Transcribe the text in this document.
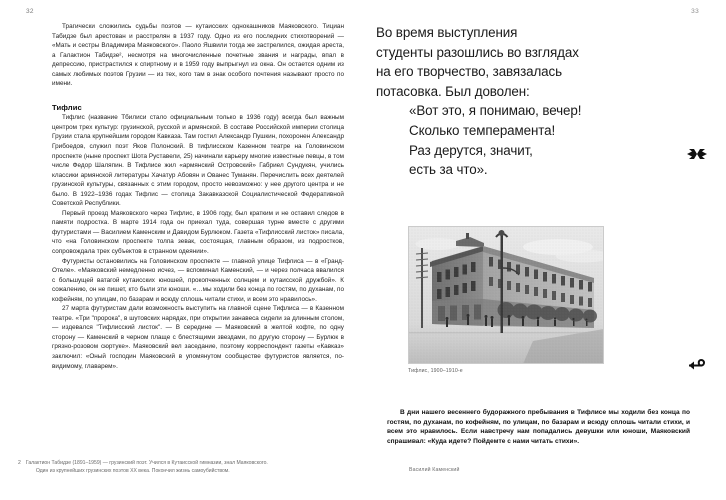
32

Трагически сложились судьбы поэтов — кутаисских однокашников Маяковского. Тициан Табидзе был арестован и расстрелян в 1937 году. Одно из его последних стихотворений — «Мать и сестры Владимира Маяковского». Паоло Яшвили тогда же застрелился, ожидая ареста, а Галактион Табидзе², несмотря на многочисленные почетные звания и награды, впал в депрессию, пристрастился к спиртному и в 1959 году выпрыгнул из окна. Он остается одним из самых любимых поэтов Грузии — из тех, кого там в знак особого почтения называют просто по имени.

Тифлис

Тифлис (название Тбилиси стало официальным только в 1936 году) всегда был важным центром трех культур: грузинской, русской и армянской. В составе Российской империи столица Грузии стала крупнейшим городом Кавказа. Там гостил Александр Пушкин, похоронен Александр Грибоедов, служил поэт Яков Полонский. В тифлисском Казенном театре на Головинском проспекте (ныне проспект Шота Руставели, 25) начинали карьеру многие известные певцы, в том числе Федор Шаляпин. В Тифлисе жил «армянский Островский» Габриел Сундукян, учились классики армянской литературы Хачатур Абовян и Ованес Туманян. Перечислить всех деятелей грузинской культуры, связанных с этим городом, просто невозможно: у нее другого центра и не было. В 1922–1936 годах Тифлис — столица Закавказской Социалистической Федеративной Советской Республики.

Первый проезд Маяковского через Тифлис, в 1906 году, был кратким и не оставил следов в памяти подростка. В марте 1914 года он приехал туда, совершая турне вместе с другими футуристами — Василием Каменским и Давидом Бурлюком. Газета «Тифлисский листок» писала, что «на Головинском проспекте толпа зевак, состоящая, главным образом, из подростков, сопровождала трех субъектов в странном одеянии».

Футуристы остановились на Головинском проспекте — главной улице Тифлиса — в «Гранд-Отеле». «Маяковский немедленно исчез, — вспоминал Каменский, — и через полчаса ввалился с большущей ватагой кутаисских юношей, прокопченных солнцем и кутаисской дружбой». К сожалению, он не пишет, кто были эти юноши. «…мы ходили без конца по гостям, по духанам, по кофейням, по улицам, по базарам и всюду сплошь читали стихи, и всем это нравилось».

27 марта футуристам дали возможность выступить на главной сцене Тифлиса — в Казенном театре. «Три "пророка", в шутовских нарядах, при открытии занавеса сидели за длинным столом, — издевался "Тифлисский листок". — В середине — Маяковский в желтой кофте, по одну сторону — Каменский в черном плаще с блестящими звездами, по другую сторону — Бурлюк в грязно-розовом сюртуке». Маяковский вел заседание, поэтому корреспондент газеты «Кавказ» заключил: «Оный господин Маяковский в упомянутом сообществе футуристов является, по-видимому, главарем».

2 Галактион Табидзе (1891–1959) — грузинский поэт. Учился в Кутаисской гимназии, знал Маяковского.
Один из крупнейших грузинских поэтов XX века. Покончил жизнь самоубийством.
33
Во время выступления
студенты разошлись во взглядах
на его творчество, завязалась
потасовка. Был доволен:

«Вот это, я понимаю, вечер!
Сколько темперамента!
Раз дерутся, значит,
есть за что».
Тифлис, 1900–1910-е
В дни нашего весеннего будоражного пребывания в Тифлисе мы ходили без конца по гостям, по духанам, по кофейням, по улицам, по базарам и всюду сплошь читали стихи, и всем это нравилось. Если навстречу нам попадались девушки или юноши, Маяковский спрашивал: «Куда идете? Пойдемте с нами читать стихи».
Василий Каменский
